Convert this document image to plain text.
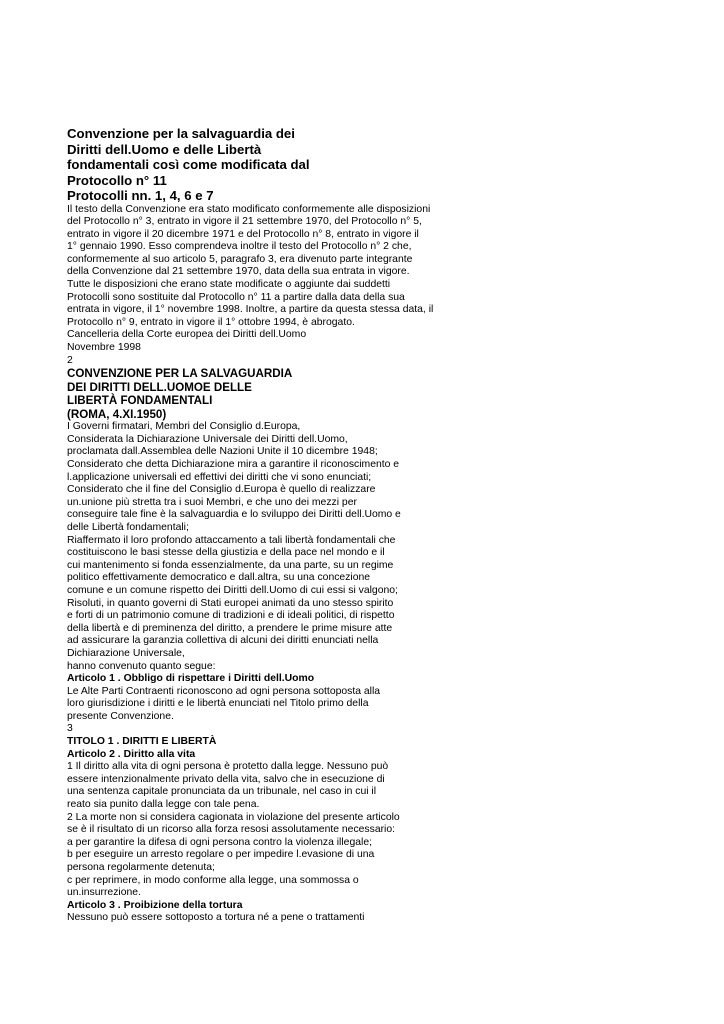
Convenzione per la salvaguardia dei

Diritti dell.Uomo e delle Libertà

fondamentali così come modificata dal

Protocollo n° 11

Protocolli nn. 1, 4, 6 e 7

Il testo della Convenzione era stato modificato conformemente alle disposizioni

del Protocollo n° 3, entrato in vigore il 21 settembre 1970, del Protocollo n° 5,

entrato in vigore il 20 dicembre 1971 e del Protocollo n° 8, entrato in vigore il

1° gennaio 1990. Esso comprendeva inoltre il testo del Protocollo n° 2 che,

conformemente al suo articolo 5, paragrafo 3, era divenuto parte integrante

della Convenzione dal 21 settembre 1970, data della sua entrata in vigore.

Tutte le disposizioni che erano state modificate o aggiunte dai suddetti

Protocolli sono sostituite dal Protocollo n° 11 a partire dalla data della sua

entrata in vigore, il 1° novembre 1998. Inoltre, a partire da questa stessa data, il

Protocollo n° 9, entrato in vigore il 1° ottobre 1994, è abrogato.

Cancelleria della Corte europea dei Diritti dell.Uomo

Novembre 1998

2

CONVENZIONE PER LA SALVAGUARDIA

DEI DIRITTI DELL.UOMOE DELLE

LIBERTÀ FONDAMENTALI

(ROMA, 4.XI.1950)

I Governi firmatari, Membri del Consiglio d.Europa,

Considerata la Dichiarazione Universale dei Diritti dell.Uomo,

proclamata dall.Assemblea delle Nazioni Unite il 10 dicembre 1948;

Considerato che detta Dichiarazione mira a garantire il riconoscimento e

l.applicazione universali ed effettivi dei diritti che vi sono enunciati;

Considerato che il fine del Consiglio d.Europa è quello di realizzare

un.unione più stretta tra i suoi Membri, e che uno dei mezzi per

conseguire tale fine è la salvaguardia e lo sviluppo dei Diritti dell.Uomo e

delle Libertà fondamentali;

Riaffermato il loro profondo attaccamento a tali libertà fondamentali che

costituiscono le basi stesse della giustizia e della pace nel mondo e il

cui mantenimento si fonda essenzialmente, da una parte, su un regime

politico effettivamente democratico e dall.altra, su una concezione

comune e un comune rispetto dei Diritti dell.Uomo di cui essi si valgono;

Risoluti, in quanto governi di Stati europei animati da uno stesso spirito

e forti di un patrimonio comune di tradizioni e di ideali politici, di rispetto

della libertà e di preminenza del diritto, a prendere le prime misure atte

ad assicurare la garanzia collettiva di alcuni dei diritti enunciati nella

Dichiarazione Universale,

hanno convenuto quanto segue:

Articolo 1 . Obbligo di rispettare i Diritti dell.Uomo

Le Alte Parti Contraenti riconoscono ad ogni persona sottoposta alla

loro giurisdizione i diritti e le libertà enunciati nel Titolo primo della

presente Convenzione.

3

TITOLO 1 . DIRITTI E LIBERTÀ

Articolo 2 . Diritto alla vita

1 Il diritto alla vita di ogni persona è protetto dalla legge. Nessuno può

essere intenzionalmente privato della vita, salvo che in esecuzione di

una sentenza capitale pronunciata da un tribunale, nel caso in cui il

reato sia punito dalla legge con tale pena.

2 La morte non si considera cagionata in violazione del presente articolo

se è il risultato di un ricorso alla forza resosi assolutamente necessario:

a per garantire la difesa di ogni persona contro la violenza illegale;

b per eseguire un arresto regolare o per impedire l.evasione di una

persona regolarmente detenuta;

c per reprimere, in modo conforme alla legge, una sommossa o

un.insurrezione.

Articolo 3 . Proibizione della tortura

Nessuno può essere sottoposto a tortura né a pene o trattamenti
